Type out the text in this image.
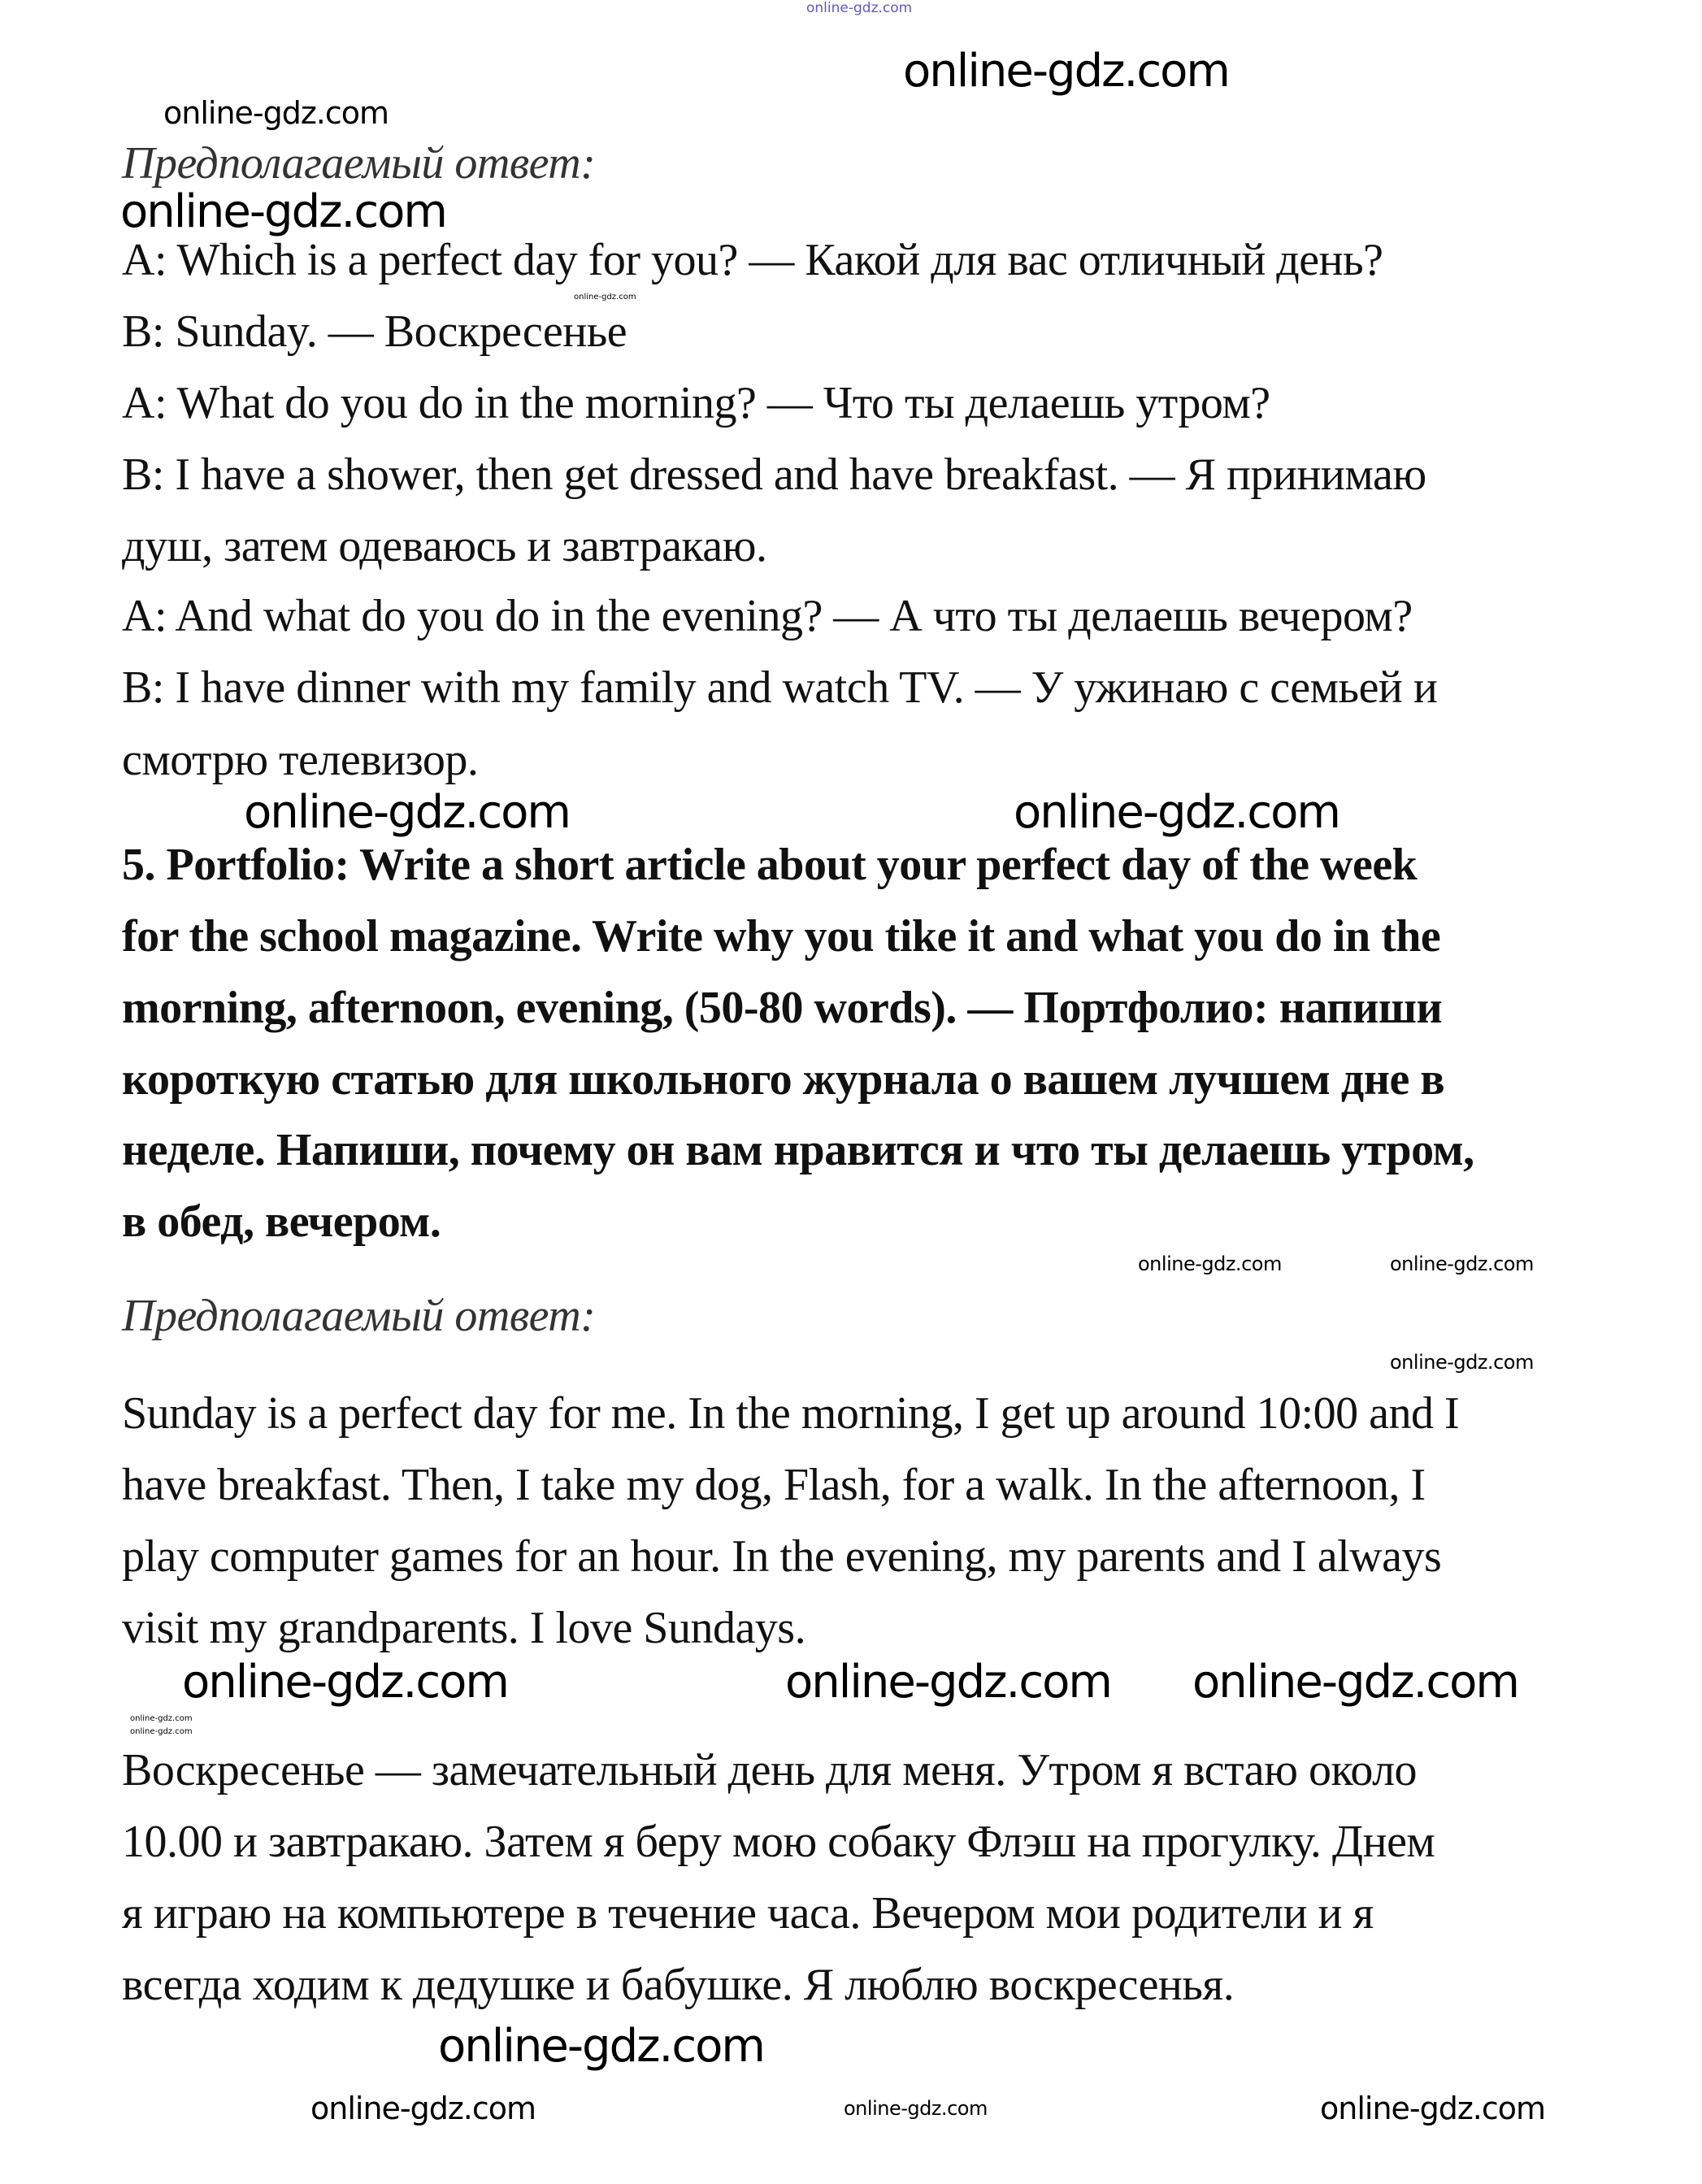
Предполагаемый ответ:
A: Which is a perfect day for you? — Какой для вас отличный день?
B: Sunday. — Воскресенье
A: What do you do in the morning? — Что ты делаешь утром?
B: I have a shower, then get dressed and have breakfast. — Я принимаю
душ, затем одеваюсь и завтракаю.
A: And what do you do in the evening? — А что ты делаешь вечером?
B: I have dinner with my family and watch TV. — У ужинаю с семьей и
смотрю телевизор.
5. Portfolio: Write a short article about your perfect day of the week
for the school magazine. Write why you tike it and what you do in the
morning, afternoon, evening, (50-80 words). — Портфолио: напиши
короткую статью для школьного журнала о вашем лучшем дне в
неделе. Напиши, почему он вам нравится и что ты делаешь утром,
в обед, вечером.
Предполагаемый ответ:
Sunday is a perfect day for me. In the morning, I get up around 10:00 and I
have breakfast. Then, I take my dog, Flash, for a walk. In the afternoon, I
play computer games for an hour. In the evening, my parents and I always
visit my grandparents. I love Sundays.
Воскресенье — замечательный день для меня. Утром я встаю около
10.00 и завтракаю. Затем я беру мою собаку Флэш на прогулку. Днем
я играю на компьютере в течение часа. Вечером мои родители и я
всегда ходим к дедушке и бабушке. Я люблю воскресенья.
online-gdz.com
online-gdz.com
online-gdz.com
online-gdz.com
online-gdz.com
online-gdz.com
online-gdz.com
online-gdz.com
online-gdz.com
online-gdz.com
online-gdz.com
online-gdz.com	online-gdz.com
online-gdz.com
online-gdz.com
online-gdz.com
online-gdz.com	online-gdz.com	online-gdz.com
